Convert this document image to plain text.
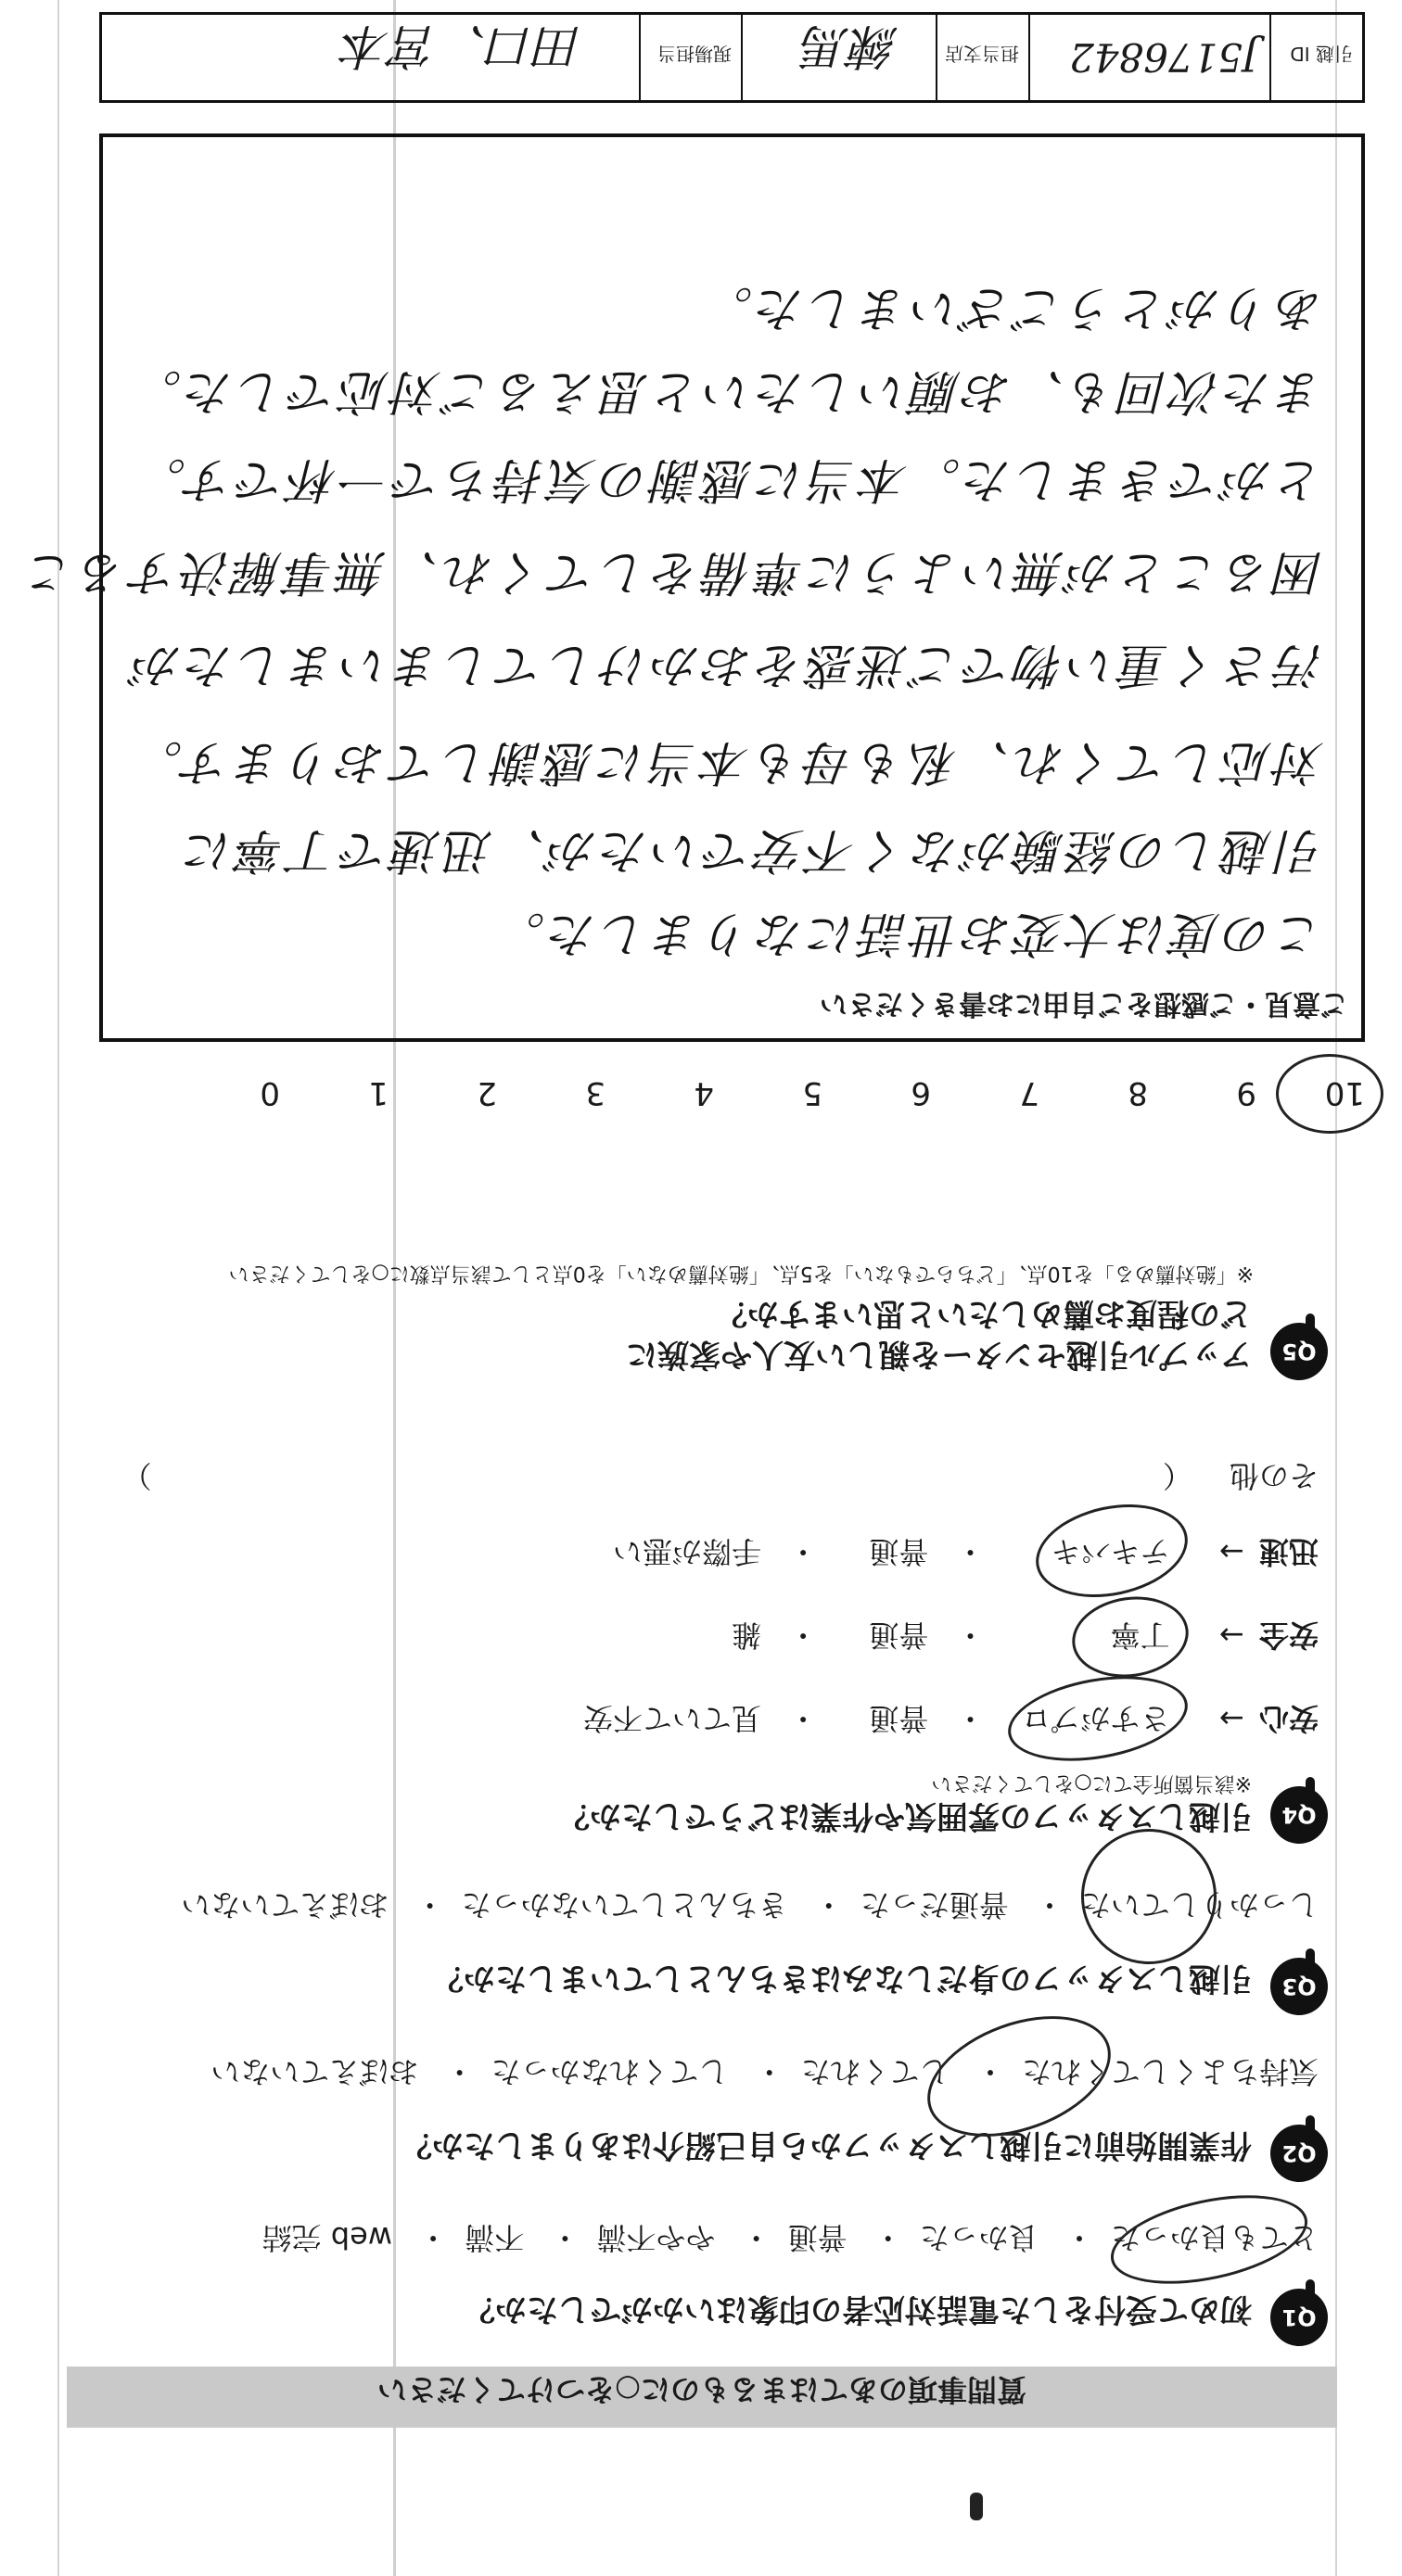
質問事項のあてはまるものに○をつけてください
Q1
初めて受付をした電話対応者の印象はいかがでしたか？
とても良かった・ 良かった・ 普通・ やや不満・ 不満・ web 完結
Q2
作業開始前に引越しスタッフから自己紹介はありましたか？
気持ちよくしてくれた・ してくれた・ してくれなかった・ おぼえていない
Q3
引越しスタッフの身だしなみはきちんとしていましたか？
しっかりしていた・ 普通だった・ きちんとしていなかった・ おぼえていない
Q4
引越しスタッフの雰囲気や作業はどうでしたか？
※該当箇所全てに○をしてください
安心 → さすがプロ ・ 普通 ・ 見ていて不安
安全 → 丁寧 ・ 普通 ・ 雑
迅速 → テキパキ ・ 普通 ・ 手際が悪い
その他 （ ）
Q5
アップル引越センターを親しい友人や家族に
どの程度お薦めしたいと思いますか？
※「絶対薦める」を10点、「どちらでもない」を5点、「絶対薦めない」を0点として該当点数に○をしてください
109876543210
ご意見・ご感想をご自由にお書きください
この度は大変お世話になりました。
引越しの経験がなく不安でいたが、迅速で丁寧に
対応してくれ、私も母も本当に感謝しております。
汚さく重い物でご迷惑をおかけしてしまいましたが
困ることが無いように準備をしてくれ、無事解決するこ
とができました。本当に感謝の気持ちで一杯です。
また次回も、お願いしたいと思えるご対応でした。
ありがとうございました。
引越 ID
J5176842
担当支店
練馬
現場担当
田口、宮本
